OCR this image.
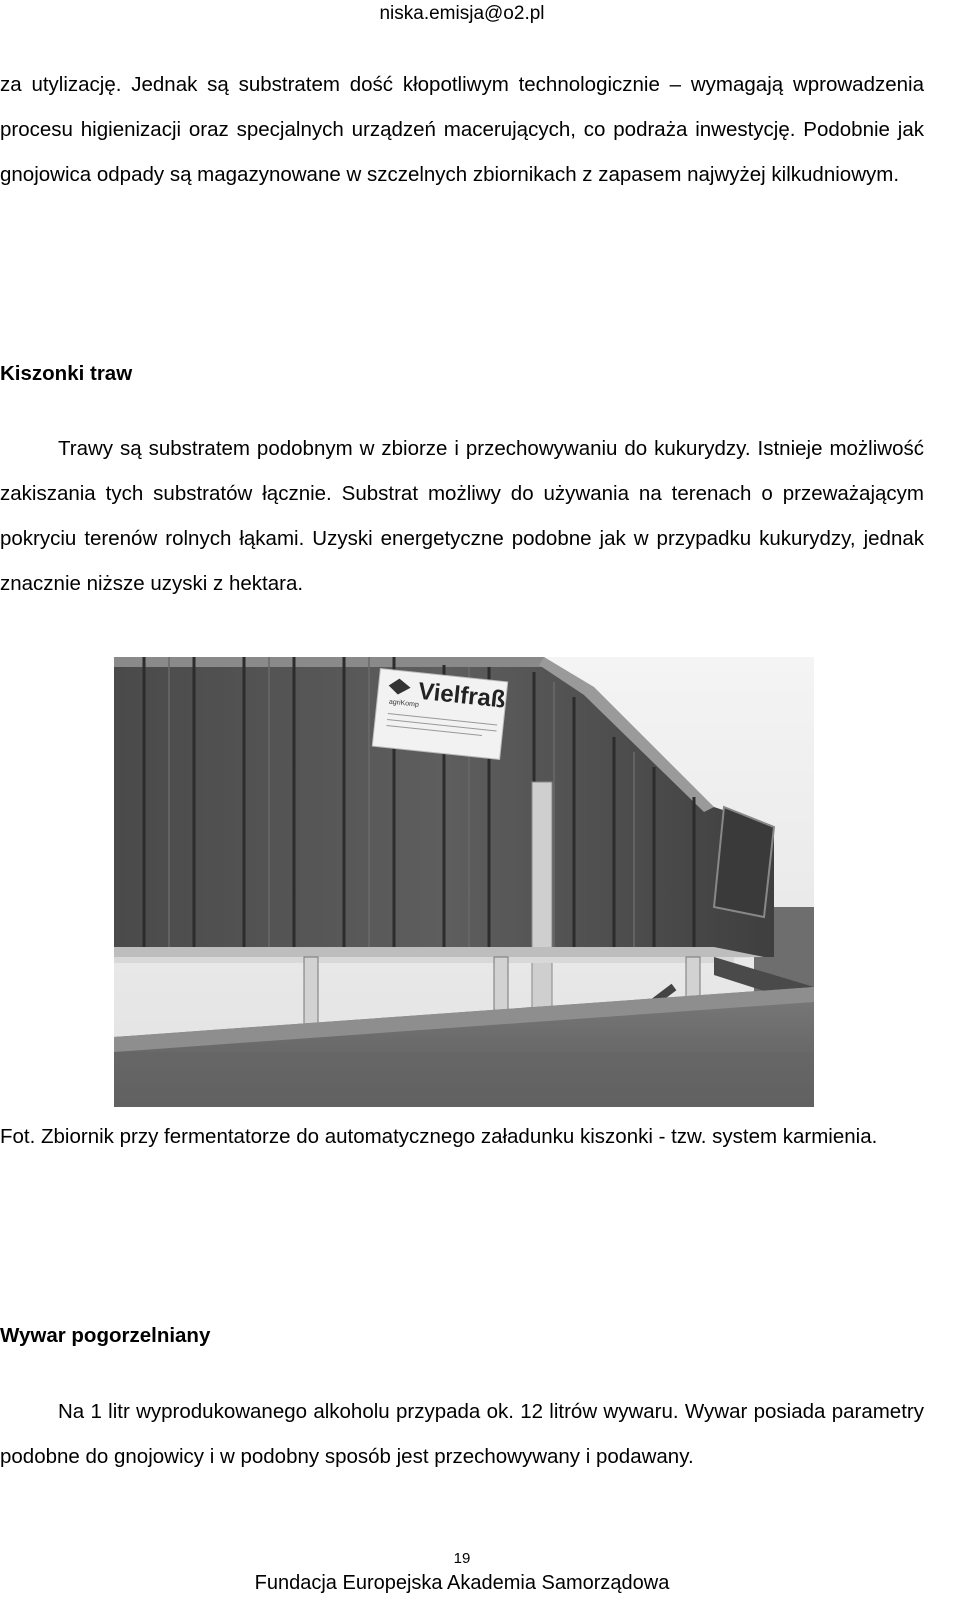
niska.emisja@o2.pl

za utylizację. Jednak są substratem dość kłopotliwym technologicznie – wymagają wprowadzenia procesu higienizacji oraz specjalnych urządzeń macerujących, co podraża inwestycję. Podobnie jak gnojowica odpady są magazynowane w szczelnych zbiornikach z zapasem najwyżej kilkudniowym.

Kiszonki traw

Trawy są substratem podobnym w zbiorze i przechowywaniu do kukurydzy. Istnieje możliwość zakiszania tych substratów łącznie. Substrat możliwy do używania na terenach o przeważającym pokryciu terenów rolnych łąkami. Uzyski energetyczne podobne jak w przypadku kukurydzy, jednak znacznie niższe uzyski z hektara.

agriKomp
Vielfraß

Fot. Zbiornik przy fermentatorze do automatycznego załadunku kiszonki - tzw. system karmienia.

Wywar pogorzelniany

Na 1 litr wyprodukowanego alkoholu przypada ok. 12 litrów wywaru. Wywar posiada parametry podobne do gnojowicy i w podobny sposób jest przechowywany i podawany.

19
Fundacja Europejska Akademia Samorządowa
